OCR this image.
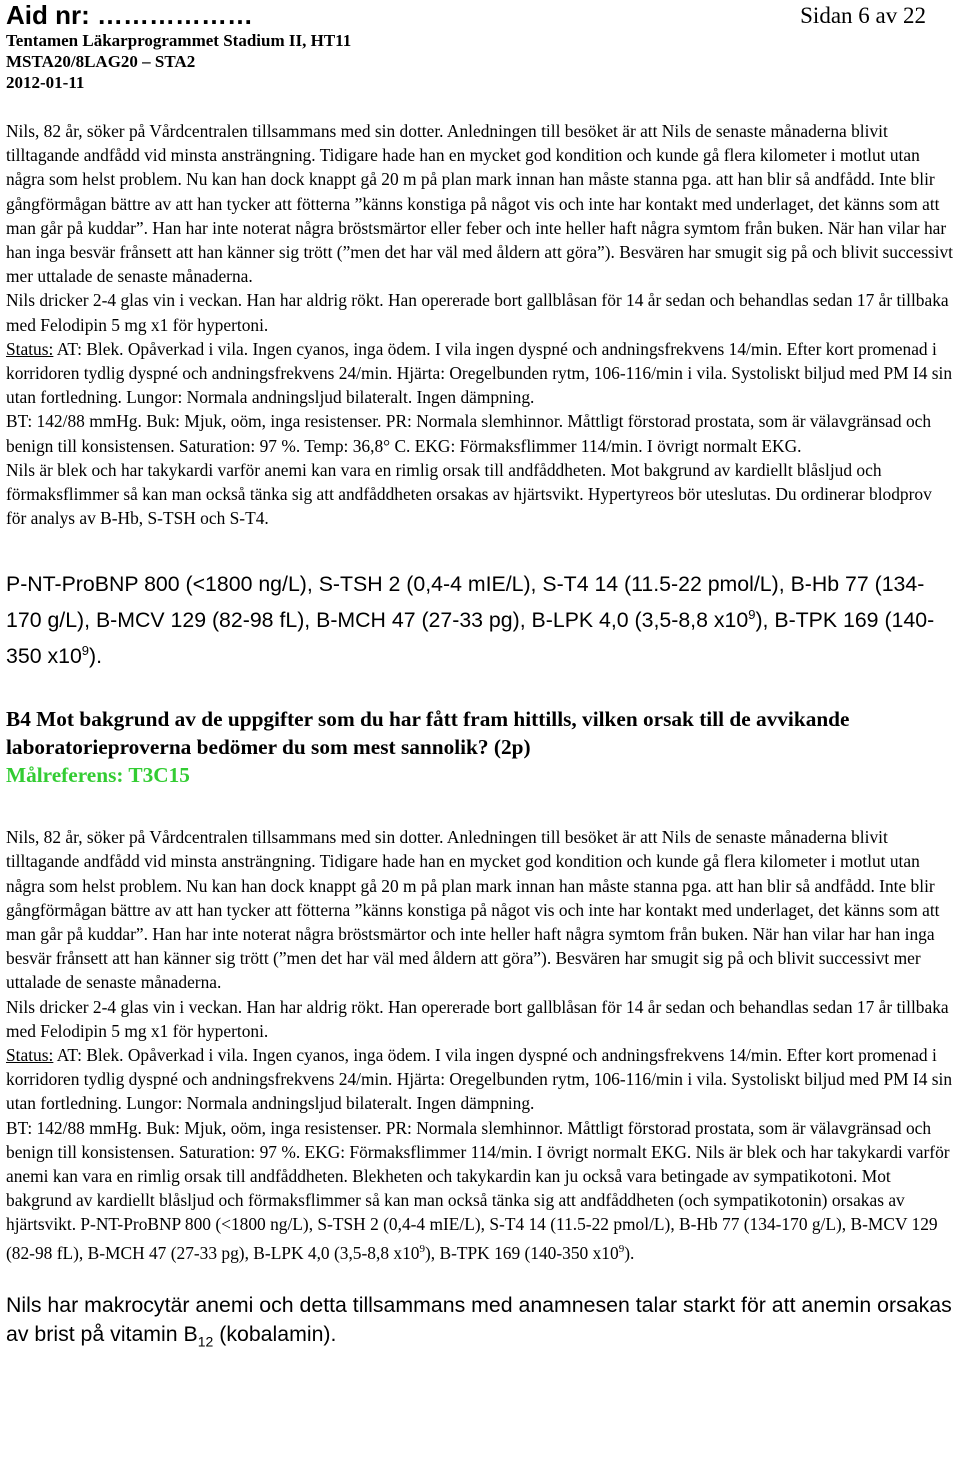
Aid nr: ………………	Sidan 6 av 22
Tentamen Läkarprogrammet Stadium II, HT11
MSTA20/8LAG20 – STA2
2012-01-11

Nils, 82 år, söker på Vårdcentralen tillsammans med sin dotter. Anledningen till besöket är att Nils de senaste månaderna blivit tilltagande andfådd vid minsta ansträngning. Tidigare hade han en mycket god kondition och kunde gå flera kilometer i motlut utan några som helst problem. Nu kan han dock knappt gå 20 m på plan mark innan han måste stanna pga. att han blir så andfådd. Inte blir gångförmågan bättre av att han tycker att fötterna ”känns konstiga på något vis och inte har kontakt med underlaget, det känns som att man går på kuddar”. Han har inte noterat några bröstsmärtor eller feber och inte heller haft några symtom från buken. När han vilar har han inga besvär frånsett att han känner sig trött (”men det har väl med åldern att göra”). Besvären har smugit sig på och blivit successivt mer uttalade de senaste månaderna.

Nils dricker 2-4 glas vin i veckan. Han har aldrig rökt. Han opererade bort gallblåsan för 14 år sedan och behandlas sedan 17 år tillbaka med Felodipin 5 mg x1 för hypertoni.

Status: AT: Blek. Opåverkad i vila. Ingen cyanos, inga ödem. I vila ingen dyspné och andningsfrekvens 14/min. Efter kort promenad i korridoren tydlig dyspné och andningsfrekvens 24/min. Hjärta: Oregelbunden rytm, 106-116/min i vila. Systoliskt biljud med PM I4 sin utan fortledning. Lungor: Normala andningsljud bilateralt. Ingen dämpning.

BT: 142/88 mmHg. Buk: Mjuk, oöm, inga resistenser. PR: Normala slemhinnor. Måttligt förstorad prostata, som är välavgränsad och benign till konsistensen. Saturation: 97 %. Temp: 36,8° C. EKG: Förmaksflimmer 114/min. I övrigt normalt EKG.

Nils är blek och har takykardi varför anemi kan vara en rimlig orsak till andfåddheten. Mot bakgrund av kardiellt blåsljud och förmaksflimmer så kan man också tänka sig att andfåddheten orsakas av hjärtsvikt. Hypertyreos bör uteslutas. Du ordinerar blodprov för analys av B-Hb, S-TSH och S-T4.

P-NT-ProBNP 800 (<1800 ng/L), S-TSH 2 (0,4-4 mIE/L), S-T4 14 (11.5-22 pmol/L), B-Hb 77 (134-170 g/L), B-MCV 129 (82-98 fL), B-MCH 47 (27-33 pg), B-LPK 4,0 (3,5-8,8 $x10^9$), B-TPK 169 (140-350 $x10^9$).
B4 Mot bakgrund av de uppgifter som du har fått fram hittills, vilken orsak till de avvikande laboratorieproverna bedömer du som mest sannolik? (2p)
Målreferens: T3C15

Nils, 82 år, söker på Vårdcentralen tillsammans med sin dotter. Anledningen till besöket är att Nils de senaste månaderna blivit tilltagande andfådd vid minsta ansträngning. Tidigare hade han en mycket god kondition och kunde gå flera kilometer i motlut utan några som helst problem. Nu kan han dock knappt gå 20 m på plan mark innan han måste stanna pga. att han blir så andfådd. Inte blir gångförmågan bättre av att han tycker att fötterna ”känns konstiga på något vis och inte har kontakt med underlaget, det känns som att man går på kuddar”. Han har inte noterat några bröstsmärtor och inte heller haft några symtom från buken. När han vilar har han inga besvär frånsett att han känner sig trött (”men det har väl med åldern att göra”). Besvären har smugit sig på och blivit successivt mer uttalade de senaste månaderna.

Nils dricker 2-4 glas vin i veckan. Han har aldrig rökt. Han opererade bort gallblåsan för 14 år sedan och behandlas sedan 17 år tillbaka med Felodipin 5 mg x1 för hypertoni.

Status: AT: Blek. Opåverkad i vila. Ingen cyanos, inga ödem. I vila ingen dyspné och andningsfrekvens 14/min. Efter kort promenad i korridoren tydlig dyspné och andningsfrekvens 24/min. Hjärta: Oregelbunden rytm, 106-116/min i vila. Systoliskt biljud med PM I4 sin utan fortledning. Lungor: Normala andningsljud bilateralt. Ingen dämpning.

BT: 142/88 mmHg. Buk: Mjuk, oöm, inga resistenser. PR: Normala slemhinnor. Måttligt förstorad prostata, som är välavgränsad och benign till konsistensen. Saturation: 97 %. EKG: Förmaksflimmer 114/min. I övrigt normalt EKG. Nils är blek och har takykardi varför anemi kan vara en rimlig orsak till andfåddheten. Blekheten och takykardin kan ju också vara betingade av sympatikotoni. Mot bakgrund av kardiellt blåsljud och förmaksflimmer så kan man också tänka sig att andfåddheten (och sympatikotonin) orsakas av hjärtsvikt. P-NT-ProBNP 800 (<1800 ng/L), S-TSH 2 (0,4-4 mIE/L), S-T4 14 (11.5-22 pmol/L), B-Hb 77 (134-170 g/L), B-MCV 129 (82-98 fL), B-MCH 47 (27-33 pg), B-LPK 4,0 (3,5-8,8 $x10^9$), B-TPK 169 (140-350 $x10^9$).

Nils har makrocytär anemi och detta tillsammans med anamnesen talar starkt för att anemin orsakas av brist på vitamin $B_{12}$ (kobalamin).
